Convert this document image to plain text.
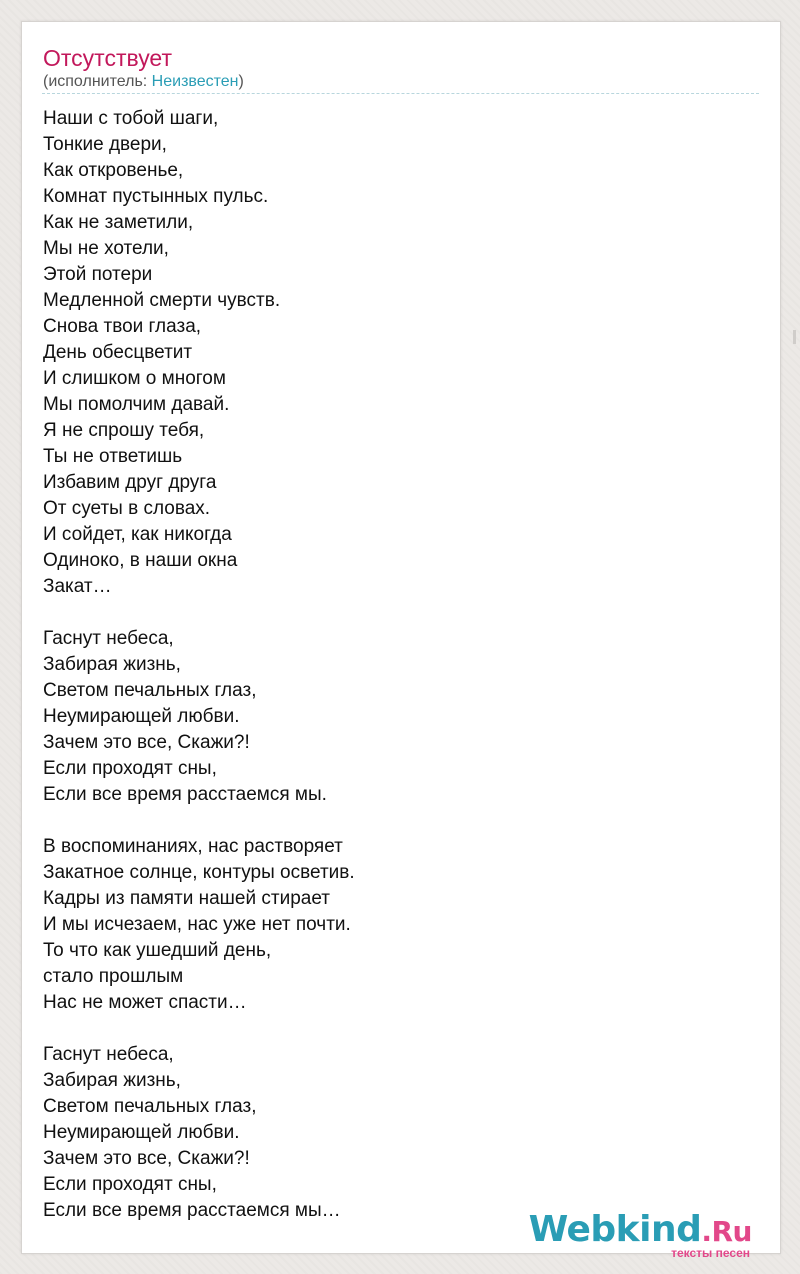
Отсутствует
(исполнитель: Неизвестен)
Наши с тобой шаги,
Тонкие двери,
Как откровенье,
Комнат пустынных пульс.
Как не заметили,
Мы не хотели,
Этой потери
Медленной смерти чувств.
Снова твои глаза,
День обесцветит
И слишком о многом
Мы помолчим давай.
Я не спрошу тебя,
Ты не ответишь
Избавим друг друга
От суеты в словах.
И сойдет, как никогда
Одиноко, в наши окна
Закат…
Гаснут небеса,
Забирая жизнь,
Светом печальных глаз,
Неумирающей любви.
Зачем это все, Скажи?!
Если проходят сны,
Если все время расстаемся мы.
В воспоминаниях, нас растворяет
Закатное солнце, контуры осветив.
Кадры из памяти нашей стирает
И мы исчезаем, нас уже нет почти.
То что как ушедший день,
стало прошлым
Нас не может спасти…
Гаснут небеса,
Забирая жизнь,
Светом печальных глаз,
Неумирающей любви.
Зачем это все, Скажи?!
Если проходят сны,
Если все время расстаемся мы…	Webkind.Ru
тексты песен
